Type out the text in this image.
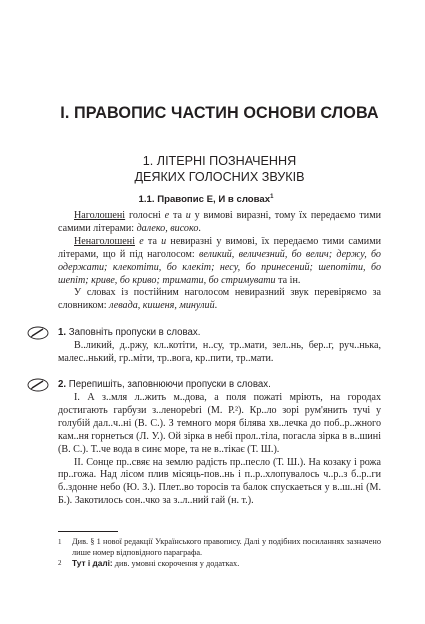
І. ПРАВОПИС ЧАСТИН ОСНОВИ СЛОВА
1. ЛІТЕРНІ ПОЗНАЧЕННЯ
ДЕЯКИХ ГОЛОСНИХ ЗВУКІВ
1.1. Правопис Е, И в словах$^1$

Наголошені голосні е та и у вимові виразні, тому їх передаємо тими самими літерами: далеко, високо.

Ненаголошені е та и невиразні у вимові, їх передаємо тими самими літерами, що й під наголосом: великий, величезний, бо велич; держу, бо одержати; клекотіти, бо клекіт; несу, бо принесений; шепотіти, бо шепіт; криве, бо криво; тримати, бо стримувати та ін.

У словах із постійним наголосом невиразний звук перевіряємо за словником: левада, кишеня, минулий.

1. Заповніть пропуски в словах.

В..ликий, д..ржу, кл..котіти, н..су, тр..мати, зел..нь, бер..г, руч..нька, малес..нький, гр..міти, тр..вога, кр..пити, тр..мати.

2. Перепишіть, заповнюючи пропуски в словах.

І. А з..мля л..жить м..дова, а поля пожаті мріють, на городах достигають гарбузи з..ленорebri (М. Р.²). Кр..ло зорі рум'янить тучі у голубій дал..ч..ні (В. С.). З темного моря білява хв..лечка до поб..р..жного кам..ня горнеться (Л. У.). Ой зірка в небі прол..тіла, погасла зірка в в..шині (В. С.). Т..че вода в синє море, та не в..тікає (Т. Ш.).

ІІ. Сонце пр..свяє на землю радість пр..песло (Т. Ш.). На козаку і рожа пр..гожа. Над лісом плив місяць-пов..нь і п..р..хлопувалось ч..р..з б..р..ги б..здонне небо (Ю. З.). Плет..во торосів та балок спускаеться у в..ш..ні (М. Б.). Закотилось сон..чко за з..л..ний гай (н. т.).

1	Див. § 1 нової редакції Українського правопису. Далі у подібних посиланнях зазначено лише номер відповідного параграфа.
2	Тут і далі: див. умовні скорочення у додатках.
